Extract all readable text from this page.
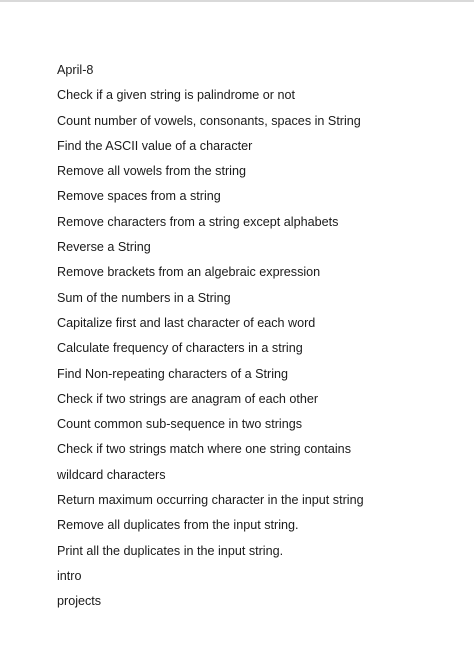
April-8
Check if a given string is palindrome or not
Count number of vowels, consonants, spaces in String
Find the ASCII value of a character
Remove all vowels from the string
Remove spaces from a string
Remove characters from a string except alphabets
Reverse a String
Remove brackets from an algebraic expression
Sum of the numbers in a String
Capitalize first and last character of each word
Calculate frequency of characters in a string
Find Non-repeating characters of a String
Check if two strings are anagram of each other
Count common sub-sequence in two strings
Check if two strings match where one string contains
wildcard characters
Return maximum occurring character in the input string
Remove all duplicates from the input string.
Print all the duplicates in the input string.
intro
projects
